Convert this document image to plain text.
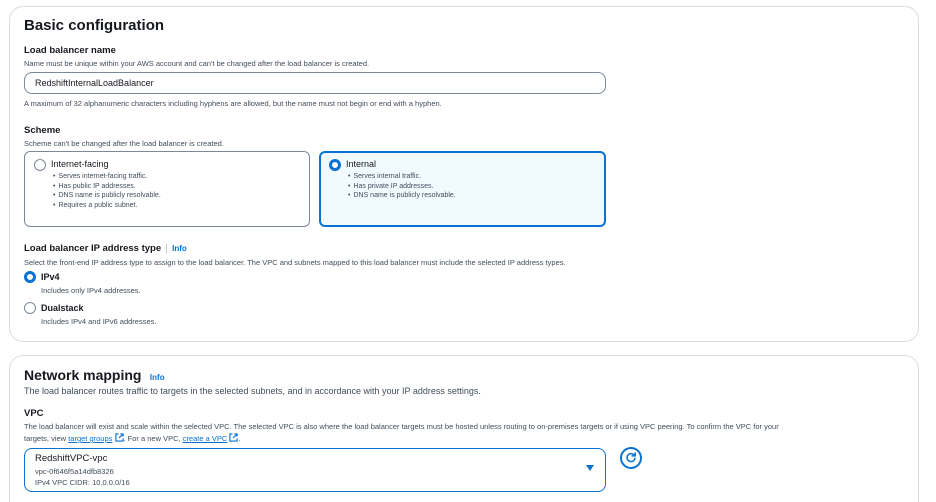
Basic configuration
Load balancer name
Name must be unique within your AWS account and can't be changed after the load balancer is created.
RedshiftInternalLoadBalancer
A maximum of 32 alphanumeric characters including hyphens are allowed, but the name must not begin or end with a hyphen.
Scheme
Scheme can't be changed after the load balancer is created.
Internet-facing
• Serves internet-facing traffic.
• Has public IP addresses.
• DNS name is publicly resolvable.
• Requires a public subnet.
Internal
• Serves internal traffic.
• Has private IP addresses.
• DNS name is publicly resolvable.
Load balancer IP address type Info
Select the front-end IP address type to assign to the load balancer. The VPC and subnets mapped to this load balancer must include the selected IP address types.
IPv4
Includes only IPv4 addresses.
Dualstack
Includes IPv4 and IPv6 addresses.
Network mapping Info
The load balancer routes traffic to targets in the selected subnets, and in accordance with your IP address settings.
VPC
The load balancer will exist and scale within the selected VPC. The selected VPC is also where the load balancer targets must be hosted unless routing to on-premises targets or if using VPC peering. To confirm the VPC for your
targets, view target groups . For a new VPC, create a VPC .
RedshiftVPC-vpc
vpc-0f646f5a14dfb8326
IPv4 VPC CIDR: 10.0.0.0/16
